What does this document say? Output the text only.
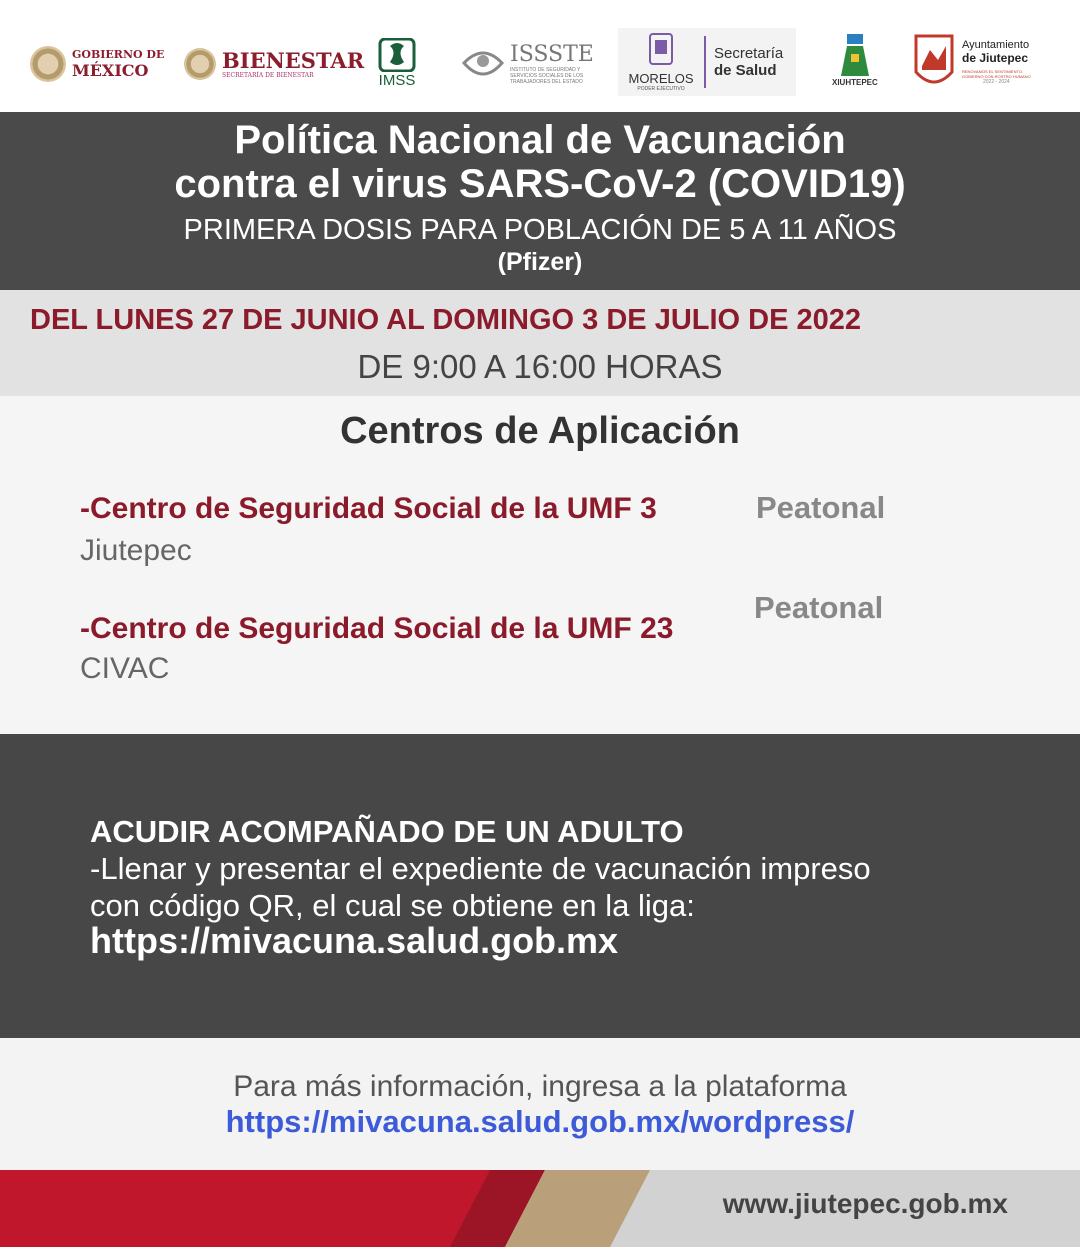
GOBIERNO DE
MÉXICO	BIENESTAR
SECRETARÍA DE BIENESTAR	IMSS
ISSSTE
INSTITUTO DE SEGURIDAD Y SERVICIOS SOCIALES DE LOS TRABAJADORES DEL ESTADO	MORELOS
PODER EJECUTIVO
Secretaría
de Salud
XIUHTEPEC
Ayuntamiento
de Jiutepec
RENOVAMOS EL SENTIMIENTO.
GOBIERNO CON ROSTRO HUMANO
2022 - 2024
Política Nacional de Vacunación
contra el virus SARS-CoV-2 (COVID19)
PRIMERA DOSIS PARA POBLACIÓN DE 5 A 11 AÑOS
(Pfizer)
DEL LUNES 27 DE JUNIO AL DOMINGO 3 DE JULIO DE 2022
DE 9:00 A 16:00 HORAS
Centros de Aplicación
-Centro de Seguridad Social de la UMF 3
Jiutepec
Peatonal
-Centro de Seguridad Social de la UMF 23
CIVAC
Peatonal
ACUDIR ACOMPAÑADO DE UN ADULTO
-Llenar y presentar el expediente de vacunación impreso
con código QR, el cual se obtiene en la liga:
https://mivacuna.salud.gob.mx
Para más información, ingresa a la plataforma
https://mivacuna.salud.gob.mx/wordpress/
www.jiutepec.gob.mx
